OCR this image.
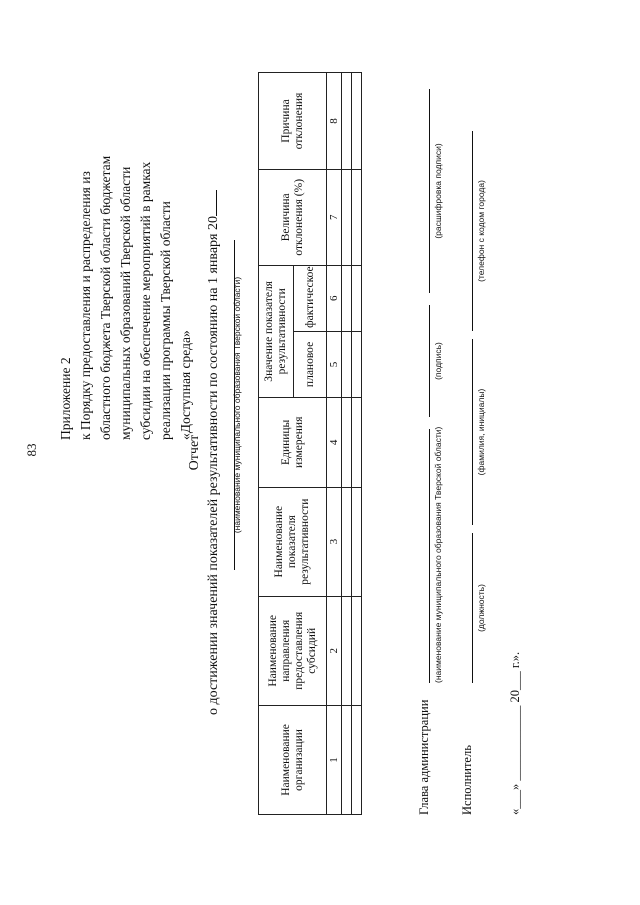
83
Приложение 2 к Порядку предоставления и распределения из областного бюджета Тверской области бюджетам муниципальных образований Тверской области субсидии на обеспечение мероприятий в рамках реализации программы Тверской области «Доступная среда»
Отчет о достижении значений показателей результативности по состоянию на 1 января 20 (наименование муниципального образования Тверской области)
Наименование организации	Наименование направления предоставления субсидий	Наименование показателя результативности	Единицы измерения	Значение показателя результативности		Величина отклонения (%)	Причина отклонения
				плановое	фактическое		
1	2	3	4	5	6	7	8

Глава администрации
(наименование муниципального образования Тверской области)
(подпись)
(расшифровка подписи)
Исполнитель
(должность)
(фамилия, инициалы)
(телефон с кодом города)
«___» ____________ 20___ г.».
